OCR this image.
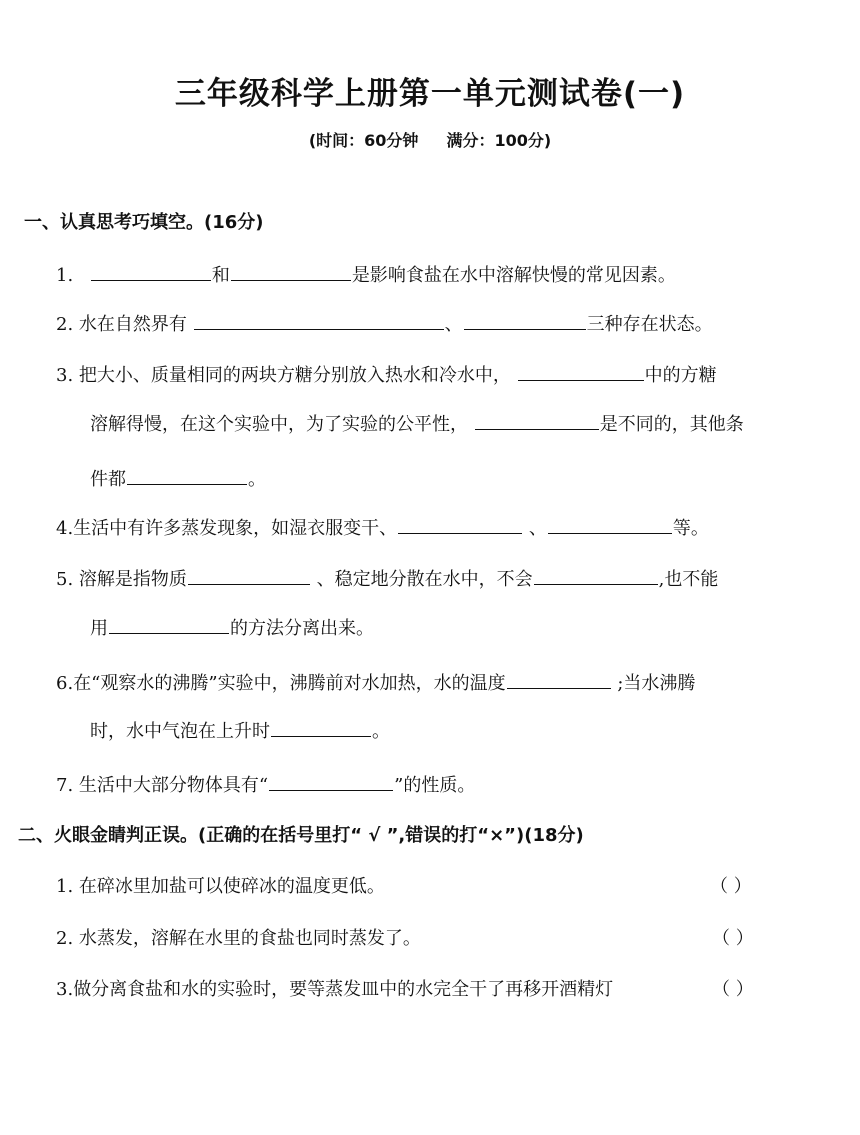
三年级科学上册第一单元测试卷(一)
(时间：60分钟 满分：100分)
一、认真思考巧填空。(16分)
1.	和	是影响食盐在水中溶解快慢的常见因素。
2. 水在自然界有	、	三种存在状态。
3. 把大小、质量相同的两块方糖分别放入热水和冷水中，	中的方糖
溶解得慢，在这个实验中，为了实验的公平性，	是不同的，其他条
件都	。
4.生活中有许多蒸发现象，如湿衣服变干、	、	等。
5. 溶解是指物质	、稳定地分散在水中，不会	,也不能
用	的方法分离出来。
6.在“观察水的沸腾”实验中，沸腾前对水加热，水的温度	;当水沸腾
时，水中气泡在上升时	。
7. 生活中大部分物体具有“	”的性质。
二、火眼金睛判正误。(正确的在括号里打“ √ ”,错误的打“×”)(18分)
1. 在碎冰里加盐可以使碎冰的温度更低。	（ ）
2. 水蒸发，溶解在水里的食盐也同时蒸发了。	（ ）
3.做分离食盐和水的实验时，要等蒸发皿中的水完全干了再移开酒精灯	（ ）
